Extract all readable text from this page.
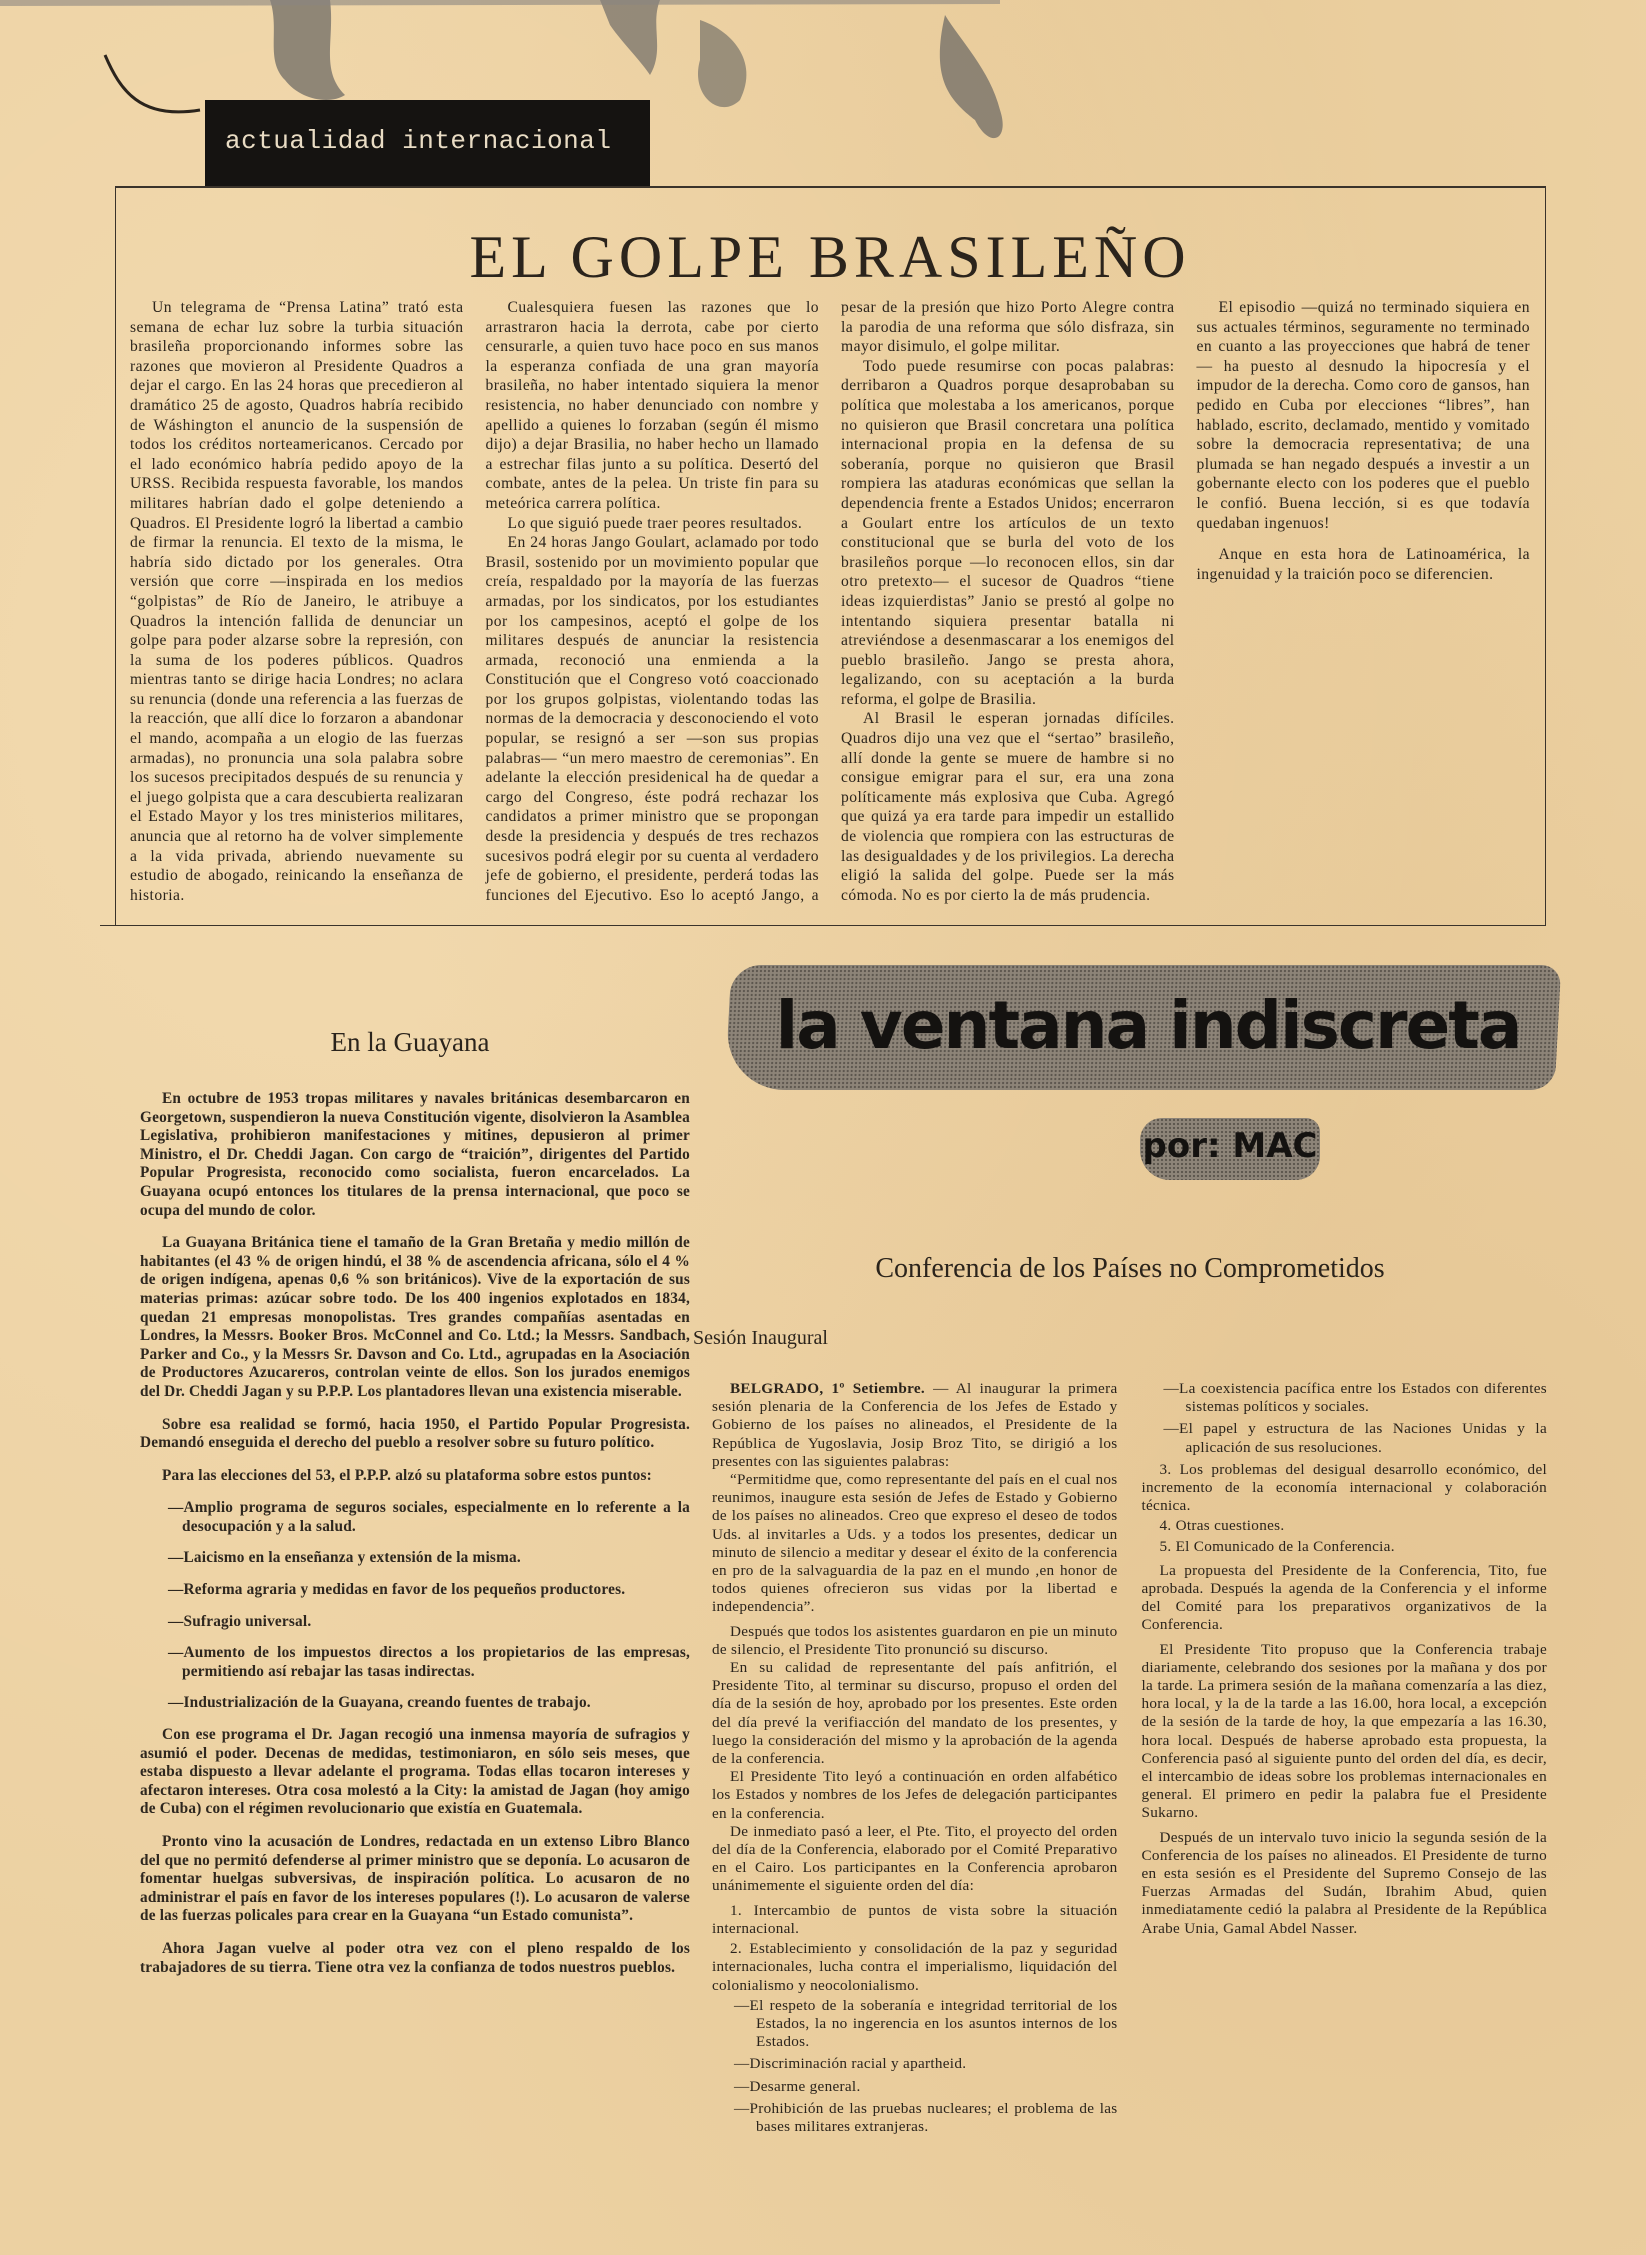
actualidad internacional
EL GOLPE BRASILEÑO

Un telegrama de “Prensa Latina” trató esta semana de echar luz sobre la turbia situación brasileña proporcionando informes sobre las razones que movieron al Presidente Quadros a dejar el cargo. En las 24 horas que precedieron al dramático 25 de agosto, Quadros habría recibido de Wáshington el anuncio de la suspensión de todos los créditos norteamericanos. Cercado por el lado económico habría pedido apoyo de la URSS. Recibida respuesta favorable, los mandos militares habrían dado el golpe deteniendo a Quadros. El Presidente logró la libertad a cambio de firmar la renuncia. El texto de la misma, le habría sido dictado por los generales. Otra versión que corre —inspirada en los medios “golpistas” de Río de Janeiro, le atribuye a Quadros la intención fallida de denunciar un golpe para poder alzarse sobre la represión, con la suma de los poderes públicos. Quadros mientras tanto se dirige hacia Londres; no aclara su renuncia (donde una referencia a las fuerzas de la reacción, que allí dice lo forzaron a abandonar el mando, acompaña a un elogio de las fuerzas armadas), no pronuncia una sola palabra sobre los sucesos precipitados después de su renuncia y el juego golpista que a cara descubierta realizaran el Estado Mayor y los tres ministerios militares, anuncia que al retorno ha de volver simplemente a la vida privada, abriendo nuevamente su estudio de abogado, reinicando la enseñanza de historia.

Cualesquiera fuesen las razones que lo arrastraron hacia la derrota, cabe por cierto censurarle, a quien tuvo hace poco en sus manos la esperanza confiada de una gran mayoría brasileña, no haber intentado siquiera la menor resistencia, no haber denunciado con nombre y apellido a quienes lo forzaban (según él mismo dijo) a dejar Brasilia, no haber hecho un llamado a estrechar filas junto a su política. Desertó del combate, antes de la pelea. Un triste fin para su meteórica carrera política.

Lo que siguió puede traer peores resultados.

En 24 horas Jango Goulart, aclamado por todo Brasil, sostenido por un movimiento popular que creía, respaldado por la mayoría de las fuerzas armadas, por los sindicatos, por los estudiantes por los campesinos, aceptó el golpe de los militares después de anunciar la resistencia armada, reconoció una enmienda a la Constitución que el Congreso votó coaccionado por los grupos golpistas, violentando todas las normas de la democracia y desconociendo el voto popular, se resignó a ser —son sus propias palabras— “un mero maestro de ceremonias”. En adelante la elección presidenical ha de quedar a cargo del Congreso, éste podrá rechazar los candidatos a primer ministro que se propongan desde la presidencia y después de tres rechazos sucesivos podrá elegir por su cuenta al verdadero jefe de gobierno, el presidente, perderá todas las funciones del Ejecutivo. Eso lo aceptó Jango, a pesar de la presión que hizo Porto Alegre contra la parodia de una reforma que sólo disfraza, sin mayor disimulo, el golpe militar.

Todo puede resumirse con pocas palabras: derribaron a Quadros porque desaprobaban su política que molestaba a los americanos, porque no quisieron que Brasil concretara una política internacional propia en la defensa de su soberanía, porque no quisieron que Brasil rompiera las ataduras económicas que sellan la dependencia frente a Estados Unidos; encerraron a Goulart entre los artículos de un texto constitucional que se burla del voto de los brasileños porque —lo reconocen ellos, sin dar otro pretexto— el sucesor de Quadros “tiene ideas izquierdistas” Janio se prestó al golpe no intentando siquiera presentar batalla ni atreviéndose a desenmascarar a los enemigos del pueblo brasileño. Jango se presta ahora, legalizando, con su aceptación a la burda reforma, el golpe de Brasilia.

Al Brasil le esperan jornadas difíciles. Quadros dijo una vez que el “sertao” brasileño, allí donde la gente se muere de hambre si no consigue emigrar para el sur, era una zona políticamente más explosiva que Cuba. Agregó que quizá ya era tarde para impedir un estallido de violencia que rompiera con las estructuras de las desigualdades y de los privilegios. La derecha eligió la salida del golpe. Puede ser la más cómoda. No es por cierto la de más prudencia.

El episodio —quizá no terminado siquiera en sus actuales términos, seguramente no terminado en cuanto a las proyecciones que habrá de tener— ha puesto al desnudo la hipocresía y el impudor de la derecha. Como coro de gansos, han pedido en Cuba por elecciones “libres”, han hablado, escrito, declamado, mentido y vomitado sobre la democracia representativa; de una plumada se han negado después a investir a un gobernante electo con los poderes que el pueblo le confió. Buena lección, si es que todavía quedaban ingenuos!

Anque en esta hora de Latinoamérica, la ingenuidad y la traición poco se diferencien.

En la Guayana

En octubre de 1953 tropas militares y navales británicas desembarcaron en Georgetown, suspendieron la nueva Constitución vigente, disolvieron la Asamblea Legislativa, prohibieron manifestaciones y mitines, depusieron al primer Ministro, el Dr. Cheddi Jagan. Con cargo de “traición”, dirigentes del Partido Popular Progresista, reconocido como socialista, fueron encarcelados. La Guayana ocupó entonces los titulares de la prensa internacional, que poco se ocupa del mundo de color.

La Guayana Británica tiene el tamaño de la Gran Bretaña y medio millón de habitantes (el 43 % de origen hindú, el 38 % de ascendencia africana, sólo el 4 % de origen indígena, apenas 0,6 % son británicos). Vive de la exportación de sus materias primas: azúcar sobre todo. De los 400 ingenios explotados en 1834, quedan 21 empresas monopolistas. Tres grandes compañías asentadas en Londres, la Messrs. Booker Bros. McConnel and Co. Ltd.; la Messrs. Sandbach, Parker and Co., y la Messrs Sr. Davson and Co. Ltd., agrupadas en la Asociación de Productores Azucareros, controlan veinte de ellos. Son los jurados enemigos del Dr. Cheddi Jagan y su P.P.P. Los plantadores llevan una existencia miserable.

Sobre esa realidad se formó, hacia 1950, el Partido Popular Progresista. Demandó enseguida el derecho del pueblo a resolver sobre su futuro político.

Para las elecciones del 53, el P.P.P. alzó su plataforma sobre estos puntos:

—Amplio programa de seguros sociales, especialmente en lo referente a la desocupación y a la salud.

—Laicismo en la enseñanza y extensión de la misma.

—Reforma agraria y medidas en favor de los pequeños productores.

—Sufragio universal.

—Aumento de los impuestos directos a los propietarios de las empresas, permitiendo así rebajar las tasas indirectas.

—Industrialización de la Guayana, creando fuentes de trabajo.

Con ese programa el Dr. Jagan recogió una inmensa mayoría de sufragios y asumió el poder. Decenas de medidas, testimoniaron, en sólo seis meses, que estaba dispuesto a llevar adelante el programa. Todas ellas tocaron intereses y afectaron intereses. Otra cosa molestó a la City: la amistad de Jagan (hoy amigo de Cuba) con el régimen revolucionario que existía en Guatemala.

Pronto vino la acusación de Londres, redactada en un extenso Libro Blanco del que no permitó defenderse al primer ministro que se deponía. Lo acusaron de fomentar huelgas subversivas, de inspiración política. Lo acusaron de no administrar el país en favor de los intereses populares (!). Lo acusaron de valerse de las fuerzas policales para crear en la Guayana “un Estado comunista”.

Ahora Jagan vuelve al poder otra vez con el pleno respaldo de los trabajadores de su tierra. Tiene otra vez la confianza de todos nuestros pueblos.

la ventana indiscreta
por: MAC
Conferencia de los Países no Comprometidos
Sesión Inaugural

BELGRADO, 1º Setiembre. — Al inaugurar la primera sesión plenaria de la Conferencia de los Jefes de Estado y Gobierno de los países no alineados, el Presidente de la República de Yugoslavia, Josip Broz Tito, se dirigió a los presentes con las siguientes palabras:

“Permitidme que, como representante del país en el cual nos reunimos, inaugure esta sesión de Jefes de Estado y Gobierno de los países no alineados. Creo que expreso el deseo de todos Uds. al invitarles a Uds. y a todos los presentes, dedicar un minuto de silencio a meditar y desear el éxito de la conferencia en pro de la salvaguardia de la paz en el mundo ,en honor de todos quienes ofrecieron sus vidas por la libertad e independencia”.

Después que todos los asistentes guardaron en pie un minuto de silencio, el Presidente Tito pronunció su discurso.

En su calidad de representante del país anfitrión, el Presidente Tito, al terminar su discurso, propuso el orden del día de la sesión de hoy, aprobado por los presentes. Este orden del día prevé la verifiacción del mandato de los presentes, y luego la consideración del mismo y la aprobación de la agenda de la conferencia.

El Presidente Tito leyó a continuación en orden alfabético los Estados y nombres de los Jefes de delegación participantes en la conferencia.

De inmediato pasó a leer, el Pte. Tito, el proyecto del orden del día de la Conferencia, elaborado por el Comité Preparativo en el Cairo. Los participantes en la Conferencia aprobaron unánimemente el siguiente orden del día:

1. Intercambio de puntos de vista sobre la situación internacional.

2. Establecimiento y consolidación de la paz y seguridad internacionales, lucha contra el imperialismo, liquidación del colonialismo y neocolonialismo.

—El respeto de la soberanía e integridad territorial de los Estados, la no ingerencia en los asuntos internos de los Estados.

—Discriminación racial y apartheid.

—Desarme general.

—Prohibición de las pruebas nucleares; el problema de las bases militares extranjeras.

—La coexistencia pacífica entre los Estados con diferentes sistemas políticos y sociales.

—El papel y estructura de las Naciones Unidas y la aplicación de sus resoluciones.

3. Los problemas del desigual desarrollo económico, del incremento de la economía internacional y colaboración técnica.

4. Otras cuestiones.

5. El Comunicado de la Conferencia.

La propuesta del Presidente de la Conferencia, Tito, fue aprobada. Después la agenda de la Conferencia y el informe del Comité para los preparativos organizativos de la Conferencia.

El Presidente Tito propuso que la Conferencia trabaje diariamente, celebrando dos sesiones por la mañana y dos por la tarde. La primera sesión de la mañana comenzaría a las diez, hora local, y la de la tarde a las 16.00, hora local, a excepción de la sesión de la tarde de hoy, la que empezaría a las 16.30, hora local. Después de haberse aprobado esta propuesta, la Conferencia pasó al siguiente punto del orden del día, es decir, el intercambio de ideas sobre los problemas internacionales en general. El primero en pedir la palabra fue el Presidente Sukarno.

Después de un intervalo tuvo inicio la segunda sesión de la Conferencia de los países no alineados. El Presidente de turno en esta sesión es el Presidente del Supremo Consejo de las Fuerzas Armadas del Sudán, Ibrahim Abud, quien inmediatamente cedió la palabra al Presidente de la República Arabe Unia, Gamal Abdel Nasser.
